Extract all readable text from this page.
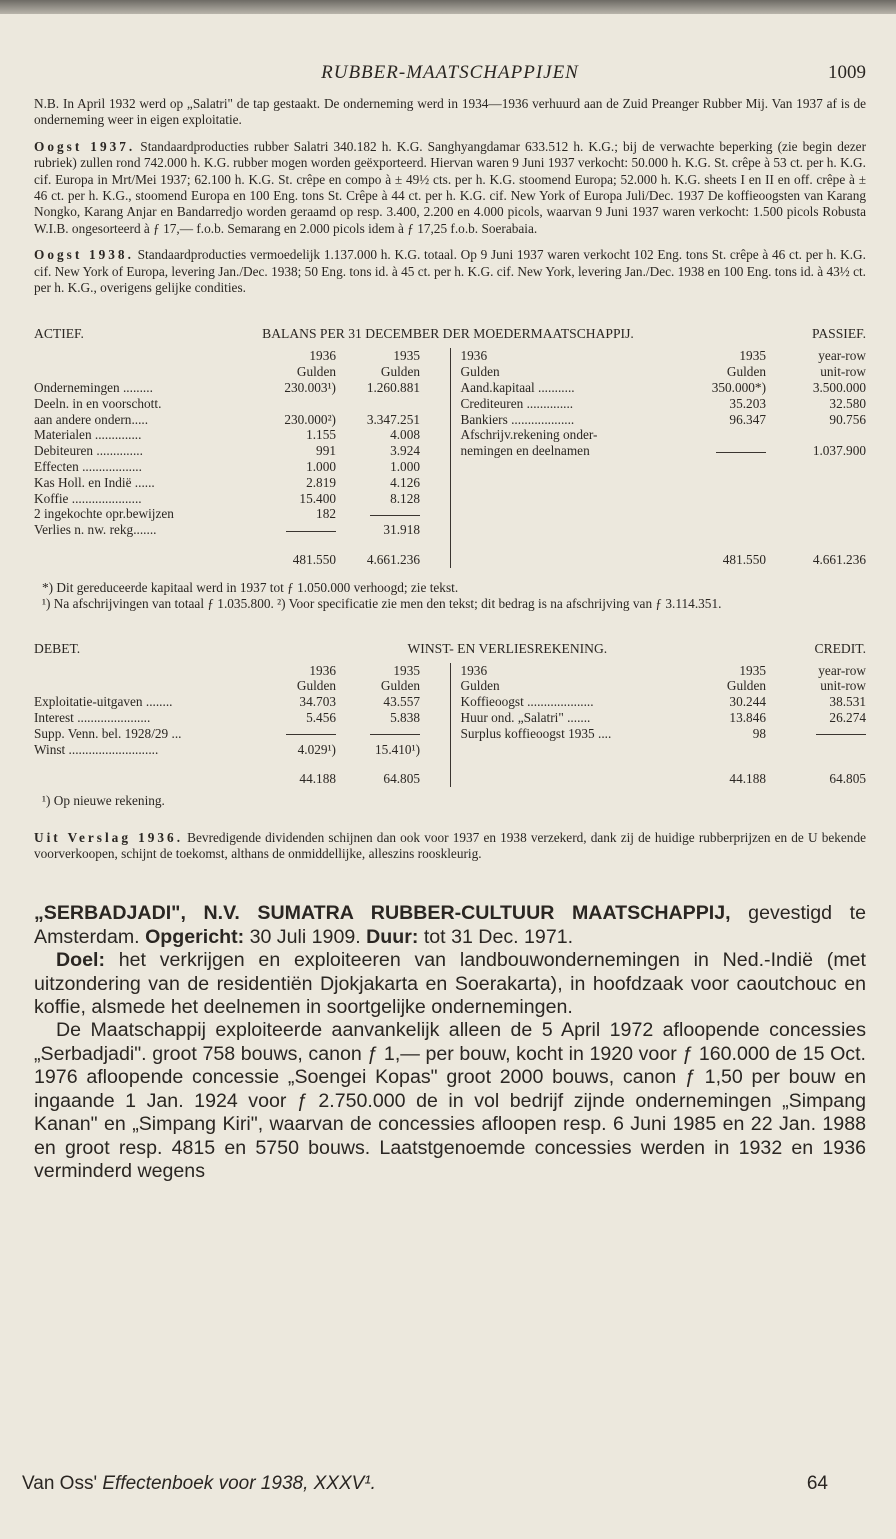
RUBBER-MAATSCHAPPIJEN	1009

N.B. In April 1932 werd op „Salatri" de tap gestaakt. De onderneming werd in 1934—1936 verhuurd aan de Zuid Preanger Rubber Mij. Van 1937 af is de onderneming weer in eigen exploitatie.

Oogst 1937. Standaardproducties rubber Salatri 340.182 h. K.G. Sanghyangdamar 633.512 h. K.G.; bij de verwachte beperking (zie begin dezer rubriek) zullen rond 742.000 h. K.G. rubber mogen worden geëxporteerd. Hiervan waren 9 Juni 1937 verkocht: 50.000 h. K.G. St. crêpe à 53 ct. per h. K.G. cif. Europa in Mrt/Mei 1937; 62.100 h. K.G. St. crêpe en compo à ± 49½ cts. per h. K.G. stoomend Europa; 52.000 h. K.G. sheets I en II en off. crêpe à ± 46 ct. per h. K.G., stoomend Europa en 100 Eng. tons St. Crêpe à 44 ct. per h. K.G. cif. New York of Europa Juli/Dec. 1937 De koffieoogsten van Karang Nongko, Karang Anjar en Bandarredjo worden geraamd op resp. 3.400, 2.200 en 4.000 picols, waarvan 9 Juni 1937 waren verkocht: 1.500 picols Robusta W.I.B. ongesorteerd à ƒ 17,— f.o.b. Semarang en 2.000 picols idem à ƒ 17,25 f.o.b. Soerabaia.

Oogst 1938. Standaardproducties vermoedelijk 1.137.000 h. K.G. totaal. Op 9 Juni 1937 waren verkocht 102 Eng. tons St. crêpe à 46 ct. per h. K.G. cif. New York of Europa, levering Jan./Dec. 1938; 50 Eng. tons id. à 45 ct. per h. K.G. cif. New York, levering Jan./Dec. 1938 en 100 Eng. tons id. à 43½ ct. per h. K.G., overigens gelijke condities.

ACTIEF.	BALANS PER 31 DECEMBER DER MOEDERMAATSCHAPPIJ.	PASSIEF.
	1936	1935		1936	1935	year-row
	Gulden	Gulden		Gulden	Gulden	unit-row
Ondernemingen .........	230.003¹)	1.260.881		Aand.kapitaal ...........	350.000*)	3.500.000
Deeln. in en voorschott.				Crediteuren ..............	35.203	32.580
aan andere ondern.....	230.000²)	3.347.251		Bankiers ...................	96.347	90.756
Materialen ..............	1.155	4.008		Afschrijv.rekening onder-		
Debiteuren ..............	991	3.924		nemingen en deelnamen		1.037.900
Effecten ..................	1.000	1.000				
Kas Holl. en Indië ......	2.819	4.126				
Koffie .....................	15.400	8.128				
2 ingekochte opr.bewijzen	182					
Verlies n. nw. rekg.......		31.918				

	481.550	4.661.236			481.550	4.661.236

*) Dit gereduceerde kapitaal werd in 1937 tot ƒ 1.050.000 verhoogd; zie tekst.

¹) Na afschrijvingen van totaal ƒ 1.035.800. ²) Voor specificatie zie men den tekst; dit bedrag is na afschrijving van ƒ 3.114.351.

DEBET.	WINST- EN VERLIESREKENING.	CREDIT.
	1936	1935		1936	1935	year-row
	Gulden	Gulden		Gulden	Gulden	unit-row
Exploitatie-uitgaven ........	34.703	43.557		Koffieoogst ....................	30.244	38.531
Interest ......................	5.456	5.838		Huur ond. „Salatri" .......	13.846	26.274
Supp. Venn. bel. 1928/29 ...				Surplus koffieoogst 1935 ....	98	
Winst ...........................	4.029¹)	15.410¹)				

	44.188	64.805			44.188	64.805

¹) Op nieuwe rekening.

Uit Verslag 1936. Bevredigende dividenden schijnen dan ook voor 1937 en 1938 verzekerd, dank zij de huidige rubberprijzen en de U bekende voorverkoopen, schijnt de toekomst, althans de onmiddellijke, alleszins rooskleurig.

„SERBADJADI", N.V. SUMATRA RUBBER-CULTUUR MAATSCHAPPIJ, gevestigd te Amsterdam. Opgericht: 30 Juli 1909. Duur: tot 31 Dec. 1971.

Doel: het verkrijgen en exploiteeren van landbouwondernemingen in Ned.-Indië (met uitzondering van de residentiën Djokjakarta en Soerakarta), in hoofdzaak voor caoutchouc en koffie, alsmede het deelnemen in soortgelijke ondernemingen.

De Maatschappij exploiteerde aanvankelijk alleen de 5 April 1972 afloopende concessies „Serbadjadi". groot 758 bouws, canon ƒ 1,— per bouw, kocht in 1920 voor ƒ 160.000 de 15 Oct. 1976 afloopende concessie „Soengei Kopas" groot 2000 bouws, canon ƒ 1,50 per bouw en ingaande 1 Jan. 1924 voor ƒ 2.750.000 de in vol bedrijf zijnde ondernemingen „Simpang Kanan" en „Simpang Kiri", waarvan de concessies afloopen resp. 6 Juni 1985 en 22 Jan. 1988 en groot resp. 4815 en 5750 bouws. Laatstgenoemde concessies werden in 1932 en 1936 verminderd wegens

Van Oss' Effectenboek voor 1938, XXXV¹.	64
